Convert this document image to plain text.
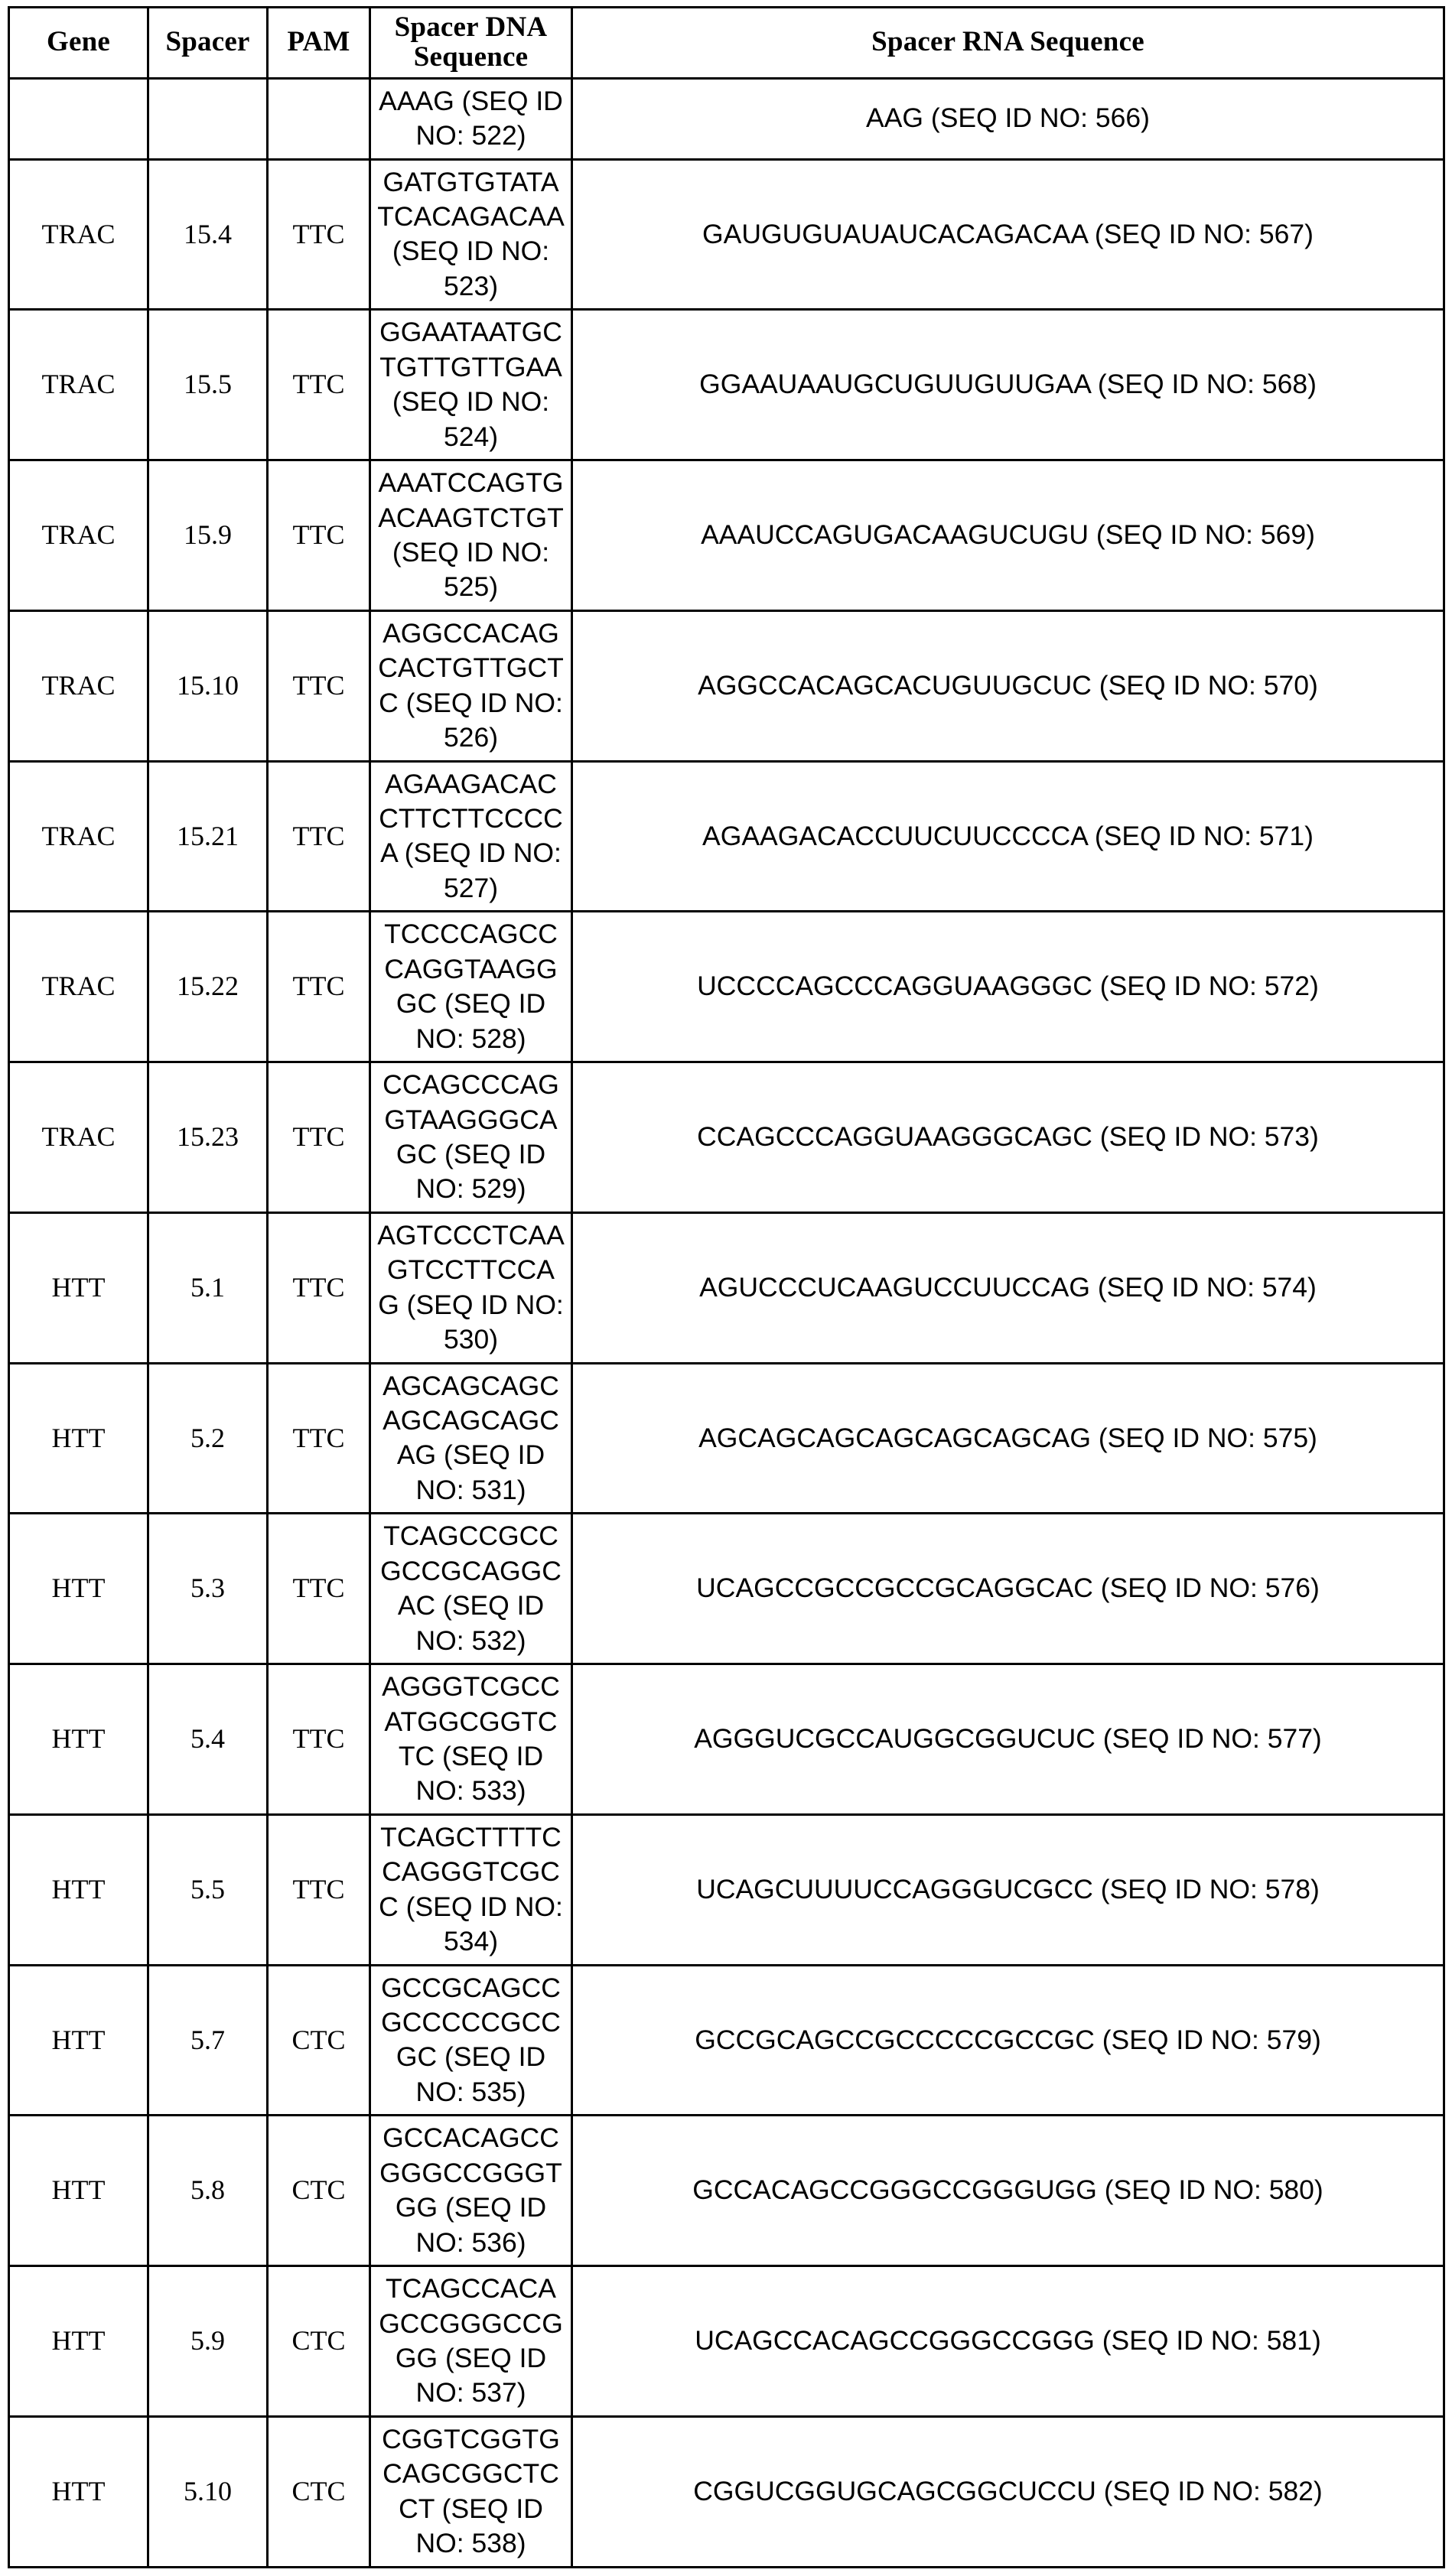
Gene	Spacer	PAM	Spacer DNA Sequence	Spacer RNA Sequence

			AAAG (SEQ ID NO: 522)	AAG (SEQ ID NO: 566)

TRAC	15.4	TTC	GATGTGTATATCACAGACAA (SEQ ID NO: 523)	GAUGUGUAUAUCACAGACAA (SEQ ID NO: 567)

TRAC	15.5	TTC	GGAATAATGCTGTTGTTGAA (SEQ ID NO: 524)	GGAAUAAUGCUGUUGUUGAA (SEQ ID NO: 568)

TRAC	15.9	TTC	AAATCCAGTGACAAGTCTGT (SEQ ID NO: 525)	AAAUCCAGUGACAAGUCUGU (SEQ ID NO: 569)

TRAC	15.10	TTC	AGGCCACAGCACTGTTGCTC (SEQ ID NO: 526)	AGGCCACAGCACUGUUGCUC (SEQ ID NO: 570)

TRAC	15.21	TTC	AGAAGACACCTTCTTCCCCA (SEQ ID NO: 527)	AGAAGACACCUUCUUCCCCA (SEQ ID NO: 571)

TRAC	15.22	TTC	TCCCCAGCCCAGGTAAGGGC (SEQ ID NO: 528)	UCCCCAGCCCAGGUAAGGGC (SEQ ID NO: 572)

TRAC	15.23	TTC	CCAGCCCAGGTAAGGGCAGC (SEQ ID NO: 529)	CCAGCCCAGGUAAGGGCAGC (SEQ ID NO: 573)

HTT	5.1	TTC	AGTCCCTCAAGTCCTTCCAG (SEQ ID NO: 530)	AGUCCCUCAAGUCCUUCCAG (SEQ ID NO: 574)

HTT	5.2	TTC	AGCAGCAGCAGCAGCAGCAG (SEQ ID NO: 531)	AGCAGCAGCAGCAGCAGCAG (SEQ ID NO: 575)

HTT	5.3	TTC	TCAGCCGCCGCCGCAGGCAC (SEQ ID NO: 532)	UCAGCCGCCGCCGCAGGCAC (SEQ ID NO: 576)

HTT	5.4	TTC	AGGGTCGCCATGGCGGTCTC (SEQ ID NO: 533)	AGGGUCGCCAUGGCGGUCUC (SEQ ID NO: 577)

HTT	5.5	TTC	TCAGCTTTTCCAGGGTCGCC (SEQ ID NO: 534)	UCAGCUUUUCCAGGGUCGCC (SEQ ID NO: 578)

HTT	5.7	CTC	GCCGCAGCCGCCCCCGCCGC (SEQ ID NO: 535)	GCCGCAGCCGCCCCCGCCGC (SEQ ID NO: 579)

HTT	5.8	CTC	GCCACAGCCGGGCCGGGTGG (SEQ ID NO: 536)	GCCACAGCCGGGCCGGGUGG (SEQ ID NO: 580)

HTT	5.9	CTC	TCAGCCACAGCCGGGCCGGG (SEQ ID NO: 537)	UCAGCCACAGCCGGGCCGGG (SEQ ID NO: 581)

HTT	5.10	CTC	CGGTCGGTGCAGCGGCTCCT (SEQ ID NO: 538)	CGGUCGGUGCAGCGGCUCCU (SEQ ID NO: 582)
